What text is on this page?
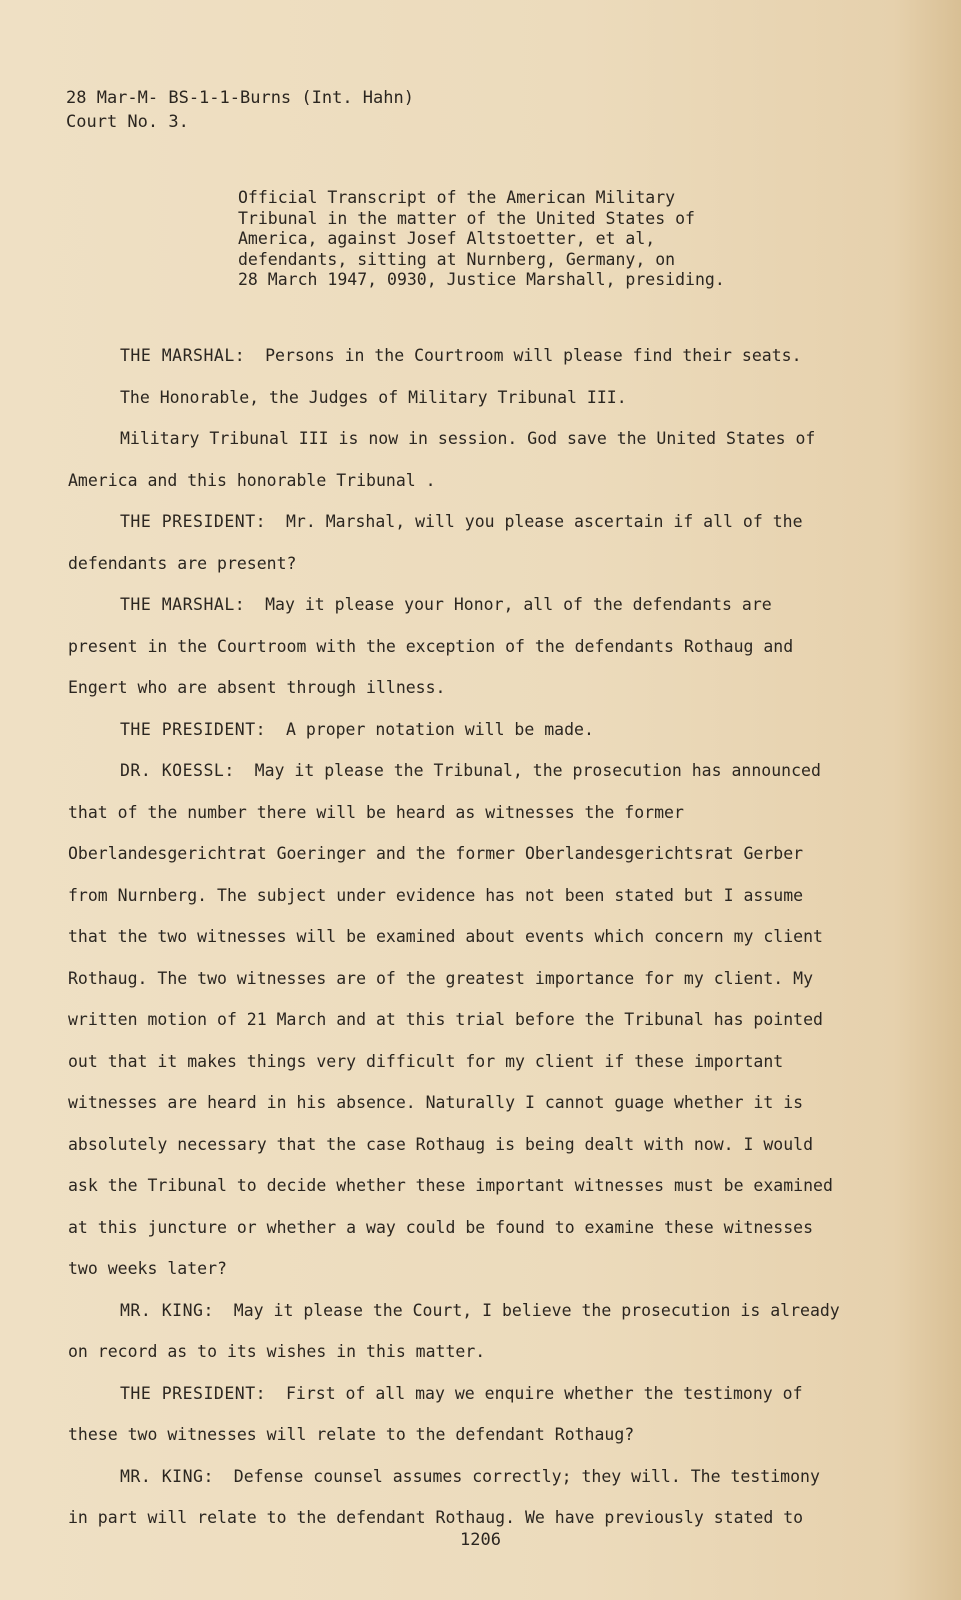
28 Mar-M- BS-1-1-Burns (Int. Hahn)
Court No. 3.
Official Transcript of the American Military
Tribunal in the matter of the United States of
America, against Josef Altstoetter, et al,
defendants, sitting at Nurnberg, Germany, on
28 March 1947, 0930, Justice Marshall, presiding.

THE MARSHAL: Persons in the Courtroom will please find their seats.

The Honorable, the Judges of Military Tribunal III.

Military Tribunal III is now in session. God save the United States of America and this honorable Tribunal .

THE PRESIDENT: Mr. Marshal, will you please ascertain if all of the defendants are present?

THE MARSHAL: May it please your Honor, all of the defendants are present in the Courtroom with the exception of the defendants Rothaug and Engert who are absent through illness.

THE PRESIDENT: A proper notation will be made.

DR. KOESSL: May it please the Tribunal, the prosecution has announced that of the number there will be heard as witnesses the former Oberlandesgerichtrat Goeringer and the former Oberlandesgerichtsrat Gerber from Nurnberg. The subject under evidence has not been stated but I assume that the two witnesses will be examined about events which concern my client Rothaug. The two witnesses are of the greatest importance for my client. My written motion of 21 March and at this trial before the Tribunal has pointed out that it makes things very difficult for my client if these important witnesses are heard in his absence. Naturally I cannot guage whether it is absolutely necessary that the case Rothaug is being dealt with now. I would ask the Tribunal to decide whether these important witnesses must be examined at this juncture or whether a way could be found to examine these witnesses two weeks later?

MR. KING: May it please the Court, I believe the prosecution is already on record as to its wishes in this matter.

THE PRESIDENT: First of all may we enquire whether the testimony of these two witnesses will relate to the defendant Rothaug?

MR. KING: Defense counsel assumes correctly; they will. The testimony in part will relate to the defendant Rothaug. We have previously stated to

1206
